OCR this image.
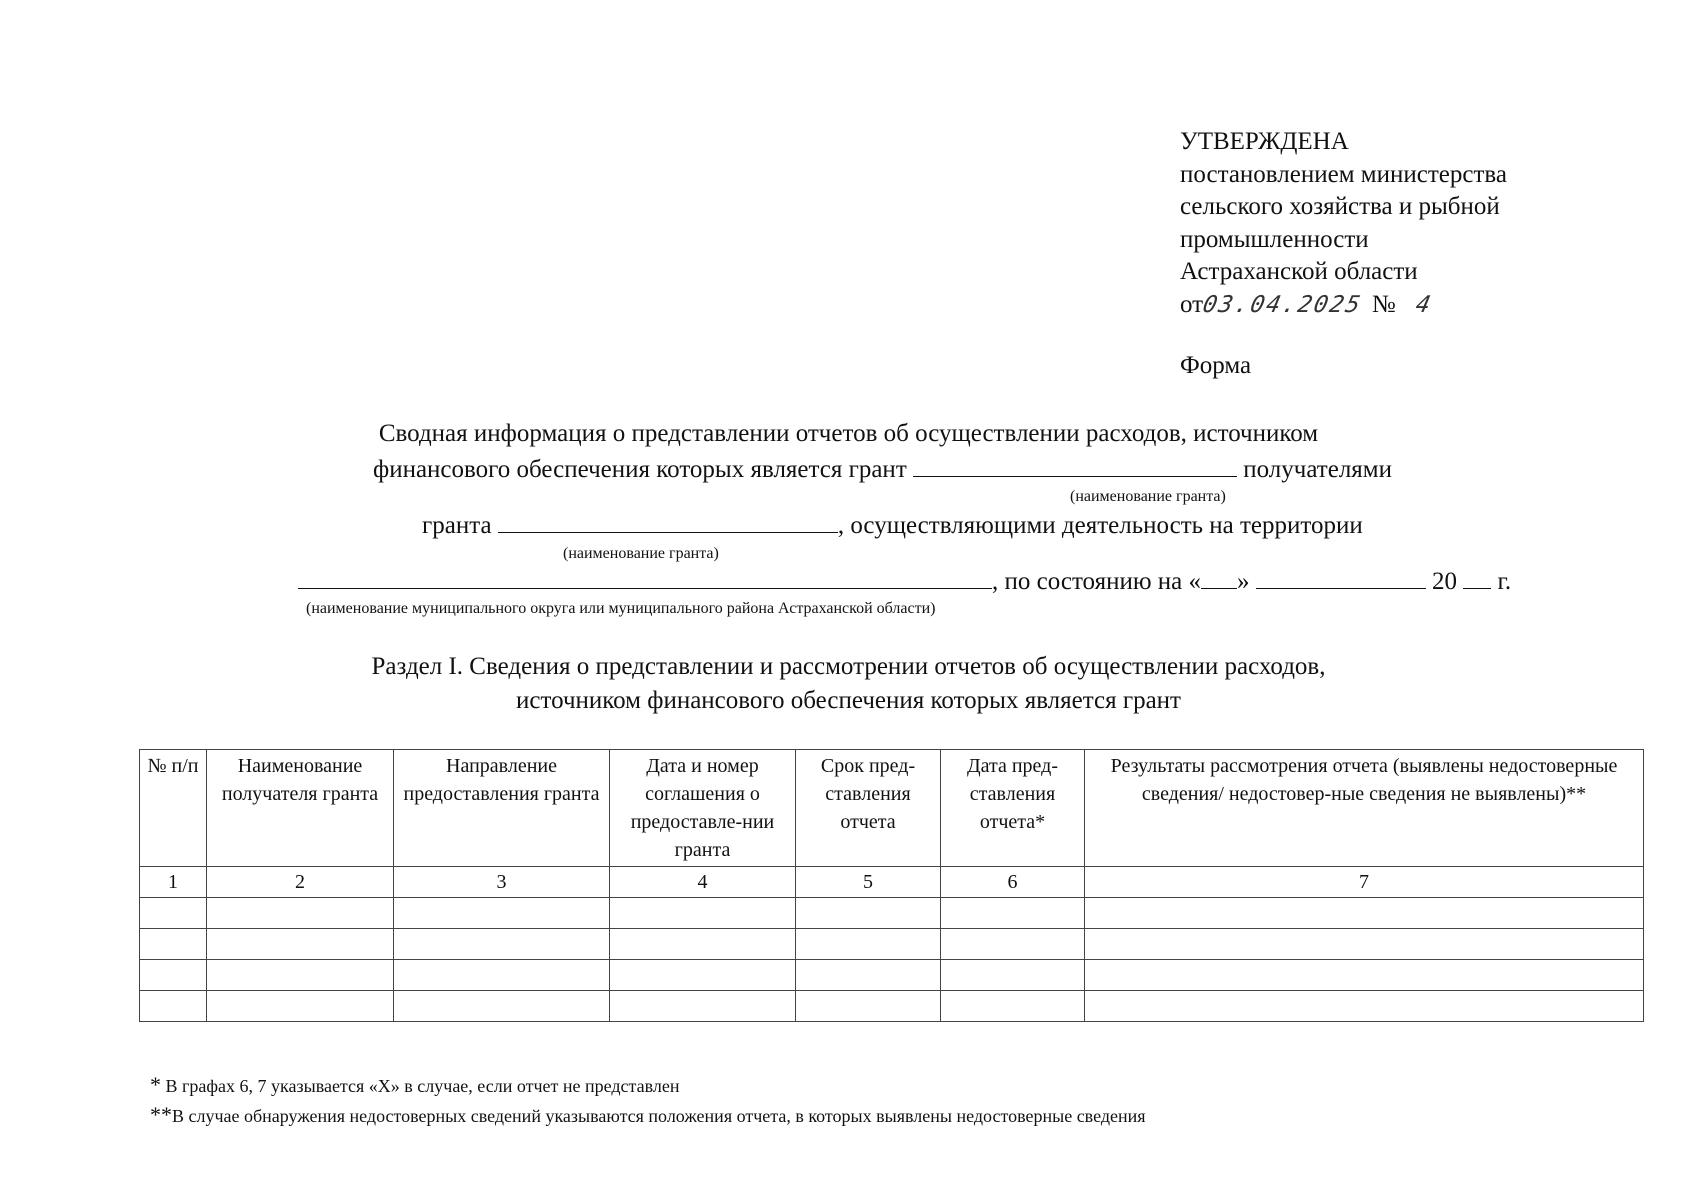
УТВЕРЖДЕНА
постановлением министерства
сельского хозяйства и рыбной
промышленности
Астраханской области
от03.04.2025 № 4
Форма
Сводная информация о представлении отчетов об осуществлении расходов, источником
финансового обеспечения которых является грант	получателями
(наименование гранта)
гранта	, осуществляющими деятельность на территории
(наименование гранта)
, по состоянию на « »	20 г.
(наименование муниципального округа или муниципального района Астраханской области)
Раздел I. Сведения о представлении и рассмотрении отчетов об осуществлении расходов,
источником финансового обеспечения которых является грант
№ п/п	Наименование получателя гранта	Направление предоставления гранта	Дата и номер соглашения о предоставле-нии гранта	Срок пред-ставления отчета	Дата пред-ставления отчета*	Результаты рассмотрения отчета (выявлены недостоверные сведения/ недостовер-ные сведения не выявлены)**
1	2	3	4	5	6	7

* В графах 6, 7 указывается «Х» в случае, если отчет не представлен
**В случае обнаружения недостоверных сведений указываются положения отчета, в которых выявлены недостоверные сведения
